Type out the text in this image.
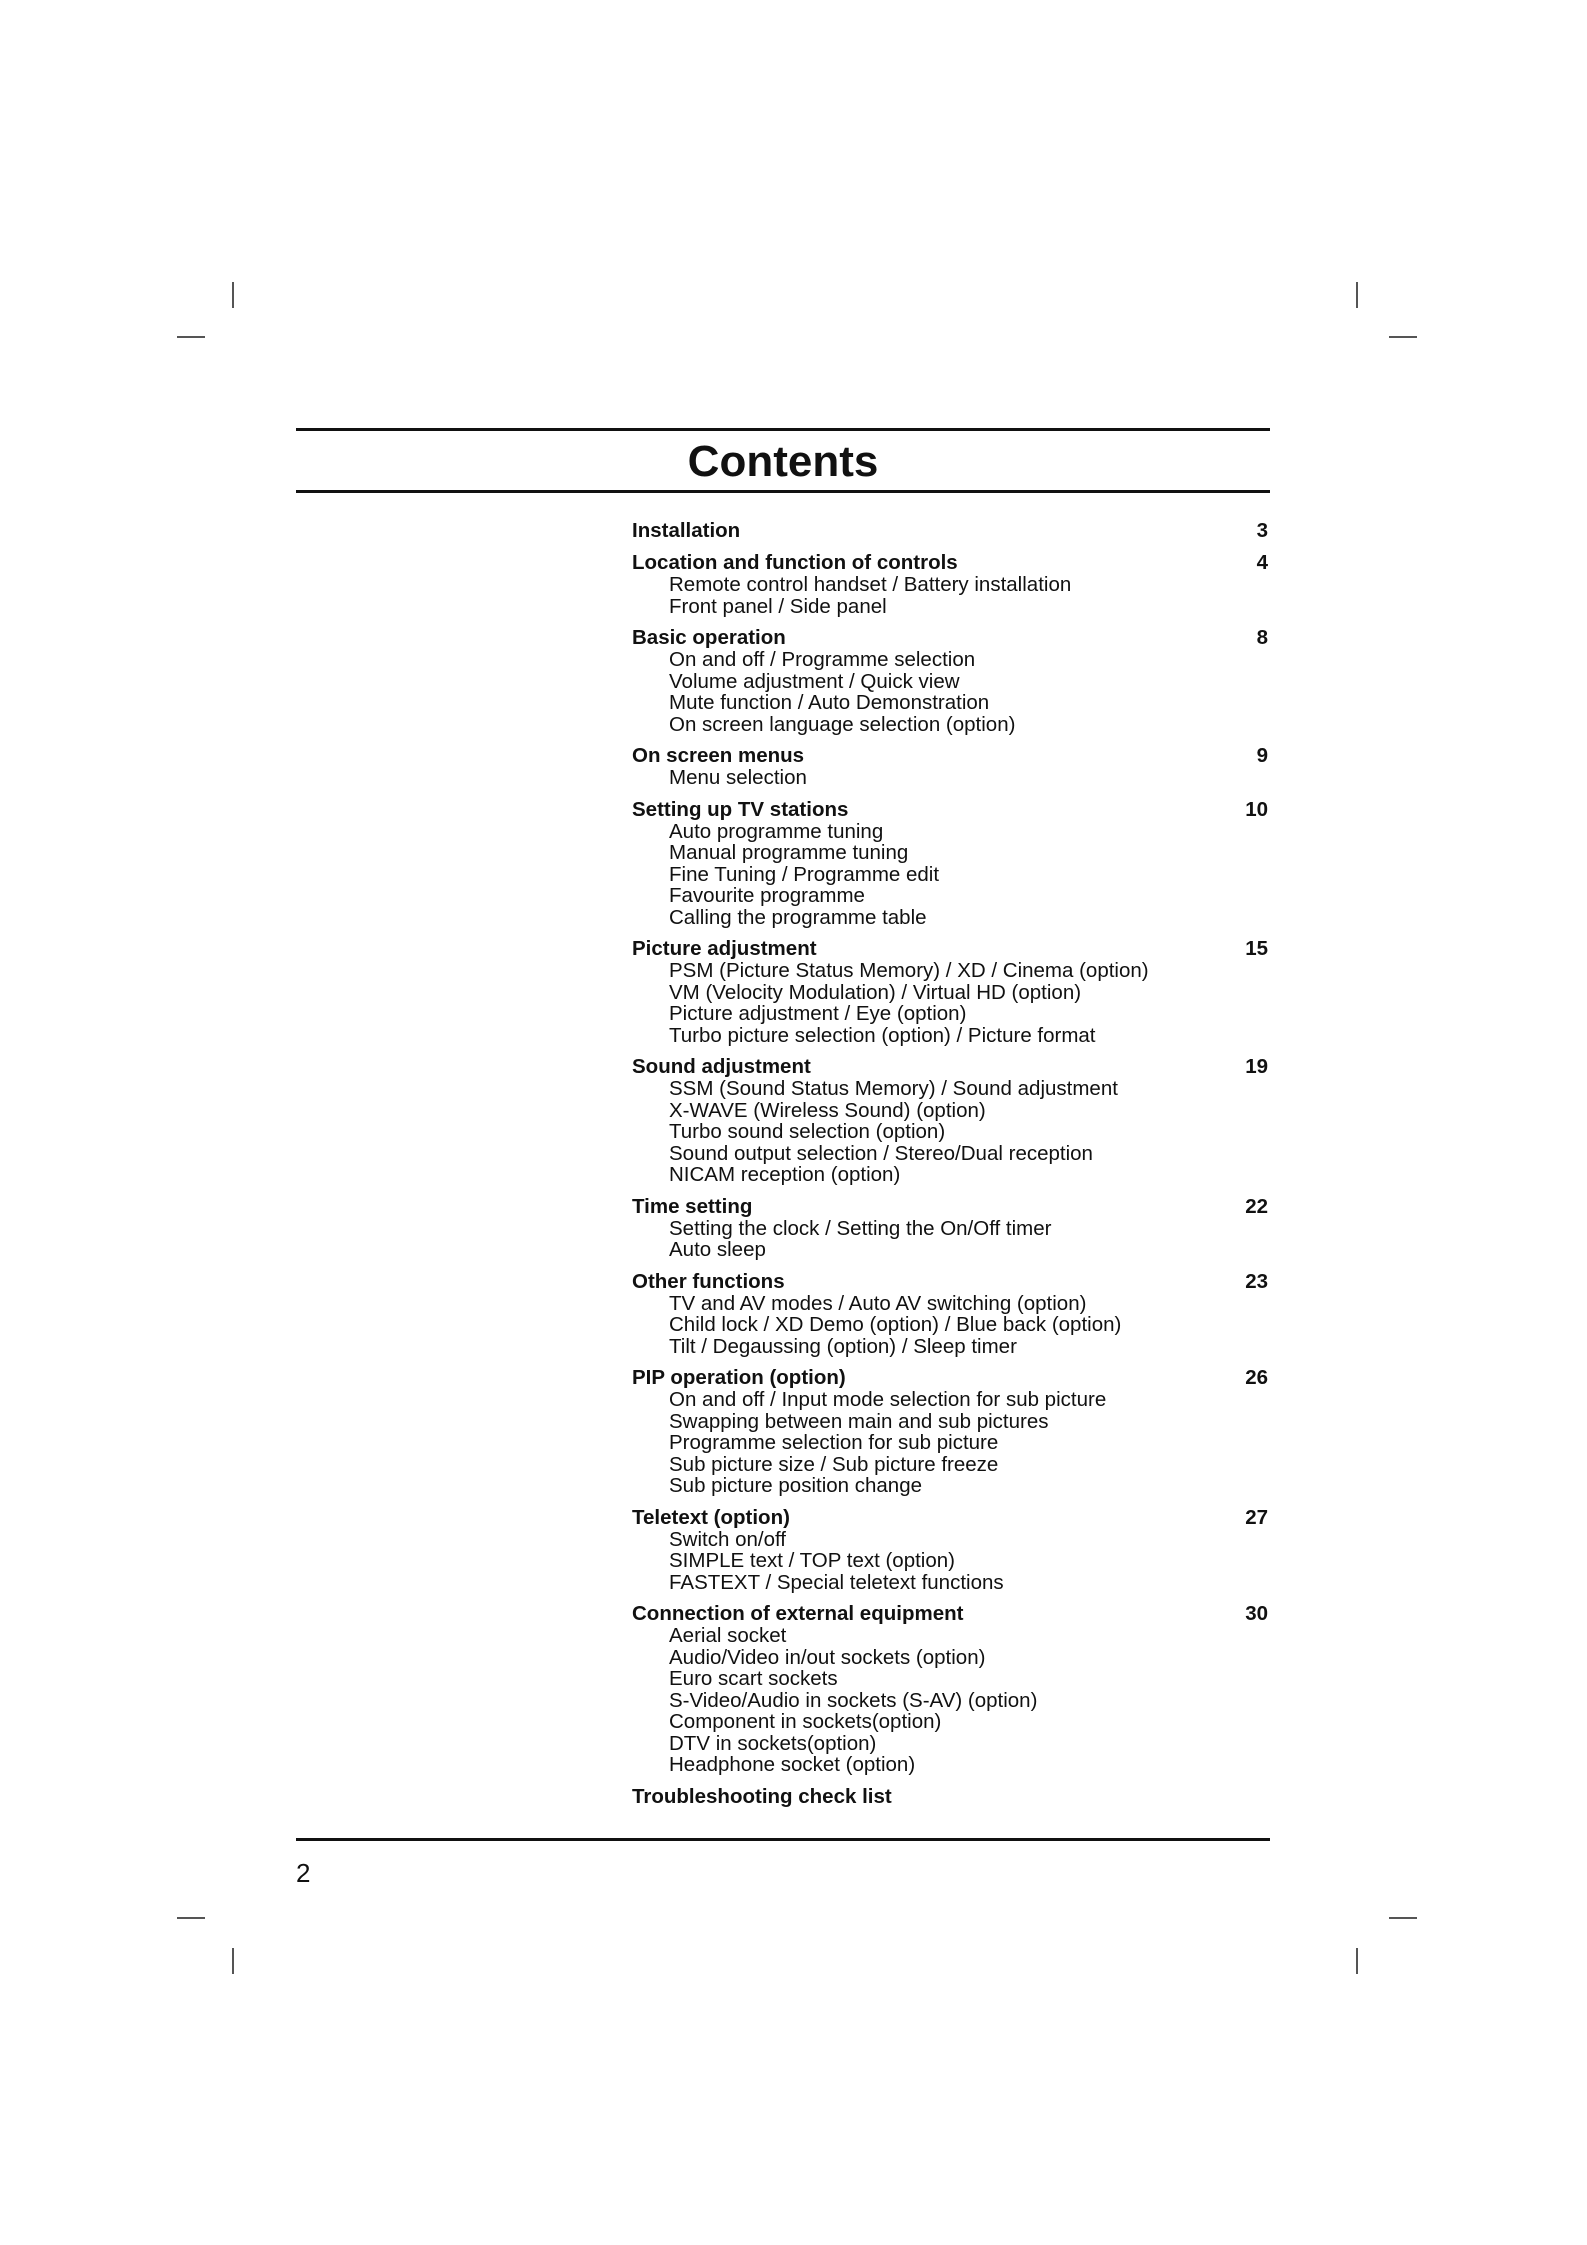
Contents
Installation	3
Location and function of controls	4
Remote control handset / Battery installation
Front panel / Side panel
Basic operation	8
On and off / Programme selection
Volume adjustment / Quick view
Mute function / Auto Demonstration
On screen language selection (option)
On screen menus	9
Menu selection
Setting up TV stations	10
Auto programme tuning
Manual programme tuning
Fine Tuning / Programme edit
Favourite programme
Calling the programme table
Picture adjustment	15
PSM (Picture Status Memory) / XD / Cinema (option)
VM (Velocity Modulation) / Virtual HD (option)
Picture adjustment / Eye (option)
Turbo picture selection (option) / Picture format
Sound adjustment	19
SSM (Sound Status Memory) / Sound adjustment
X-WAVE (Wireless Sound) (option)
Turbo sound selection (option)
Sound output selection / Stereo/Dual reception
NICAM reception (option)
Time setting	22
Setting the clock / Setting the On/Off timer
Auto sleep
Other functions	23
TV and AV modes / Auto AV switching (option)
Child lock / XD Demo (option) / Blue back (option)
Tilt / Degaussing (option) / Sleep timer
PIP operation (option)	26
On and off / Input mode selection for sub picture
Swapping between main and sub pictures
Programme selection for sub picture
Sub picture size / Sub picture freeze
Sub picture position change
Teletext (option)	27
Switch on/off
SIMPLE text / TOP text (option)
FASTEXT / Special teletext functions
Connection of external equipment	30
Aerial socket
Audio/Video in/out sockets (option)
Euro scart sockets
S-Video/Audio in sockets (S-AV) (option)
Component in sockets(option)
DTV in sockets(option)
Headphone socket (option)
Troubleshooting check list
2
